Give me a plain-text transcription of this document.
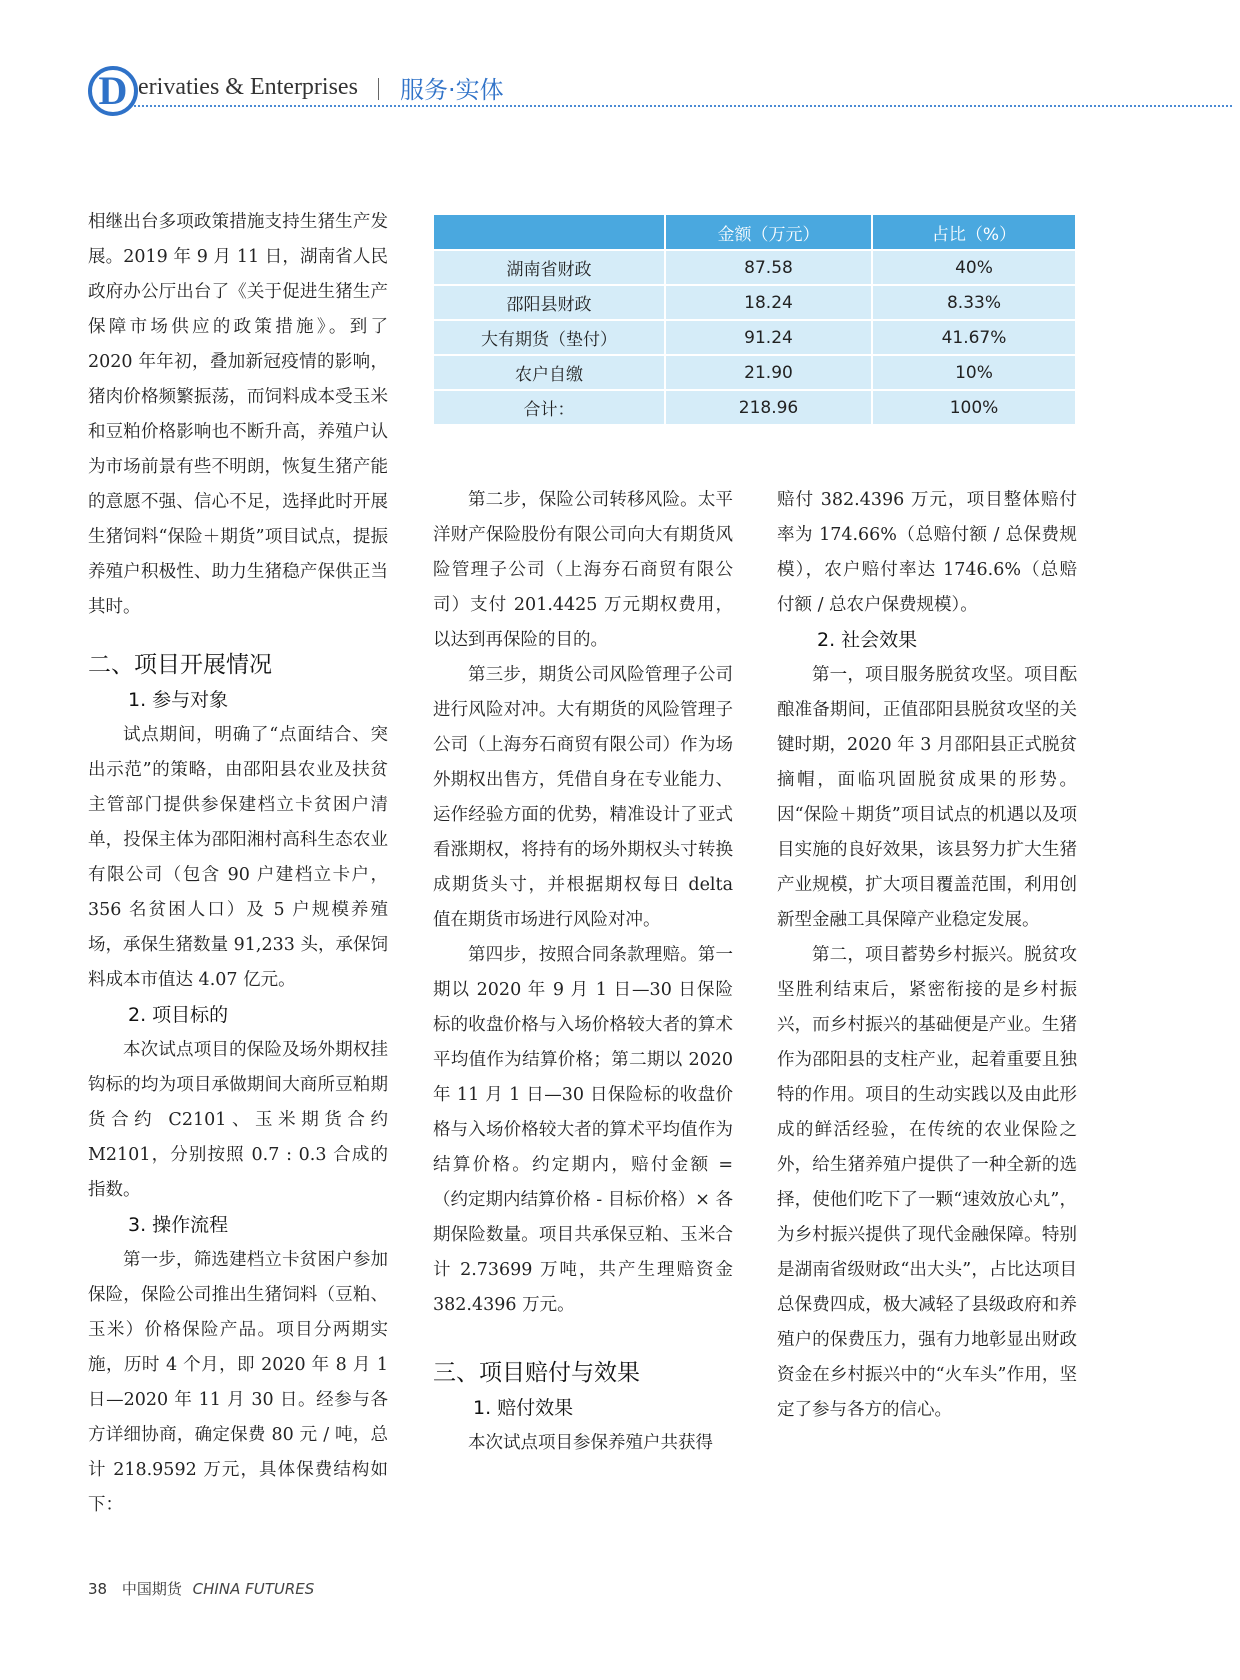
D erivaties & Enterprises 服务·实体

相继出台多项政策措施支持生猪生产发展。2019 年 9 月 11 日，湖南省人民政府办公厅出台了《关于促进生猪生产保障市场供应的政策措施》。到了 2020 年年初，叠加新冠疫情的影响，猪肉价格频繁振荡，而饲料成本受玉米和豆粕价格影响也不断升高，养殖户认为市场前景有些不明朗，恢复生猪产能的意愿不强、信心不足，选择此时开展生猪饲料“保险＋期货”项目试点，提振养殖户积极性、助力生猪稳产保供正当其时。

二、项目开展情况

1. 参与对象

试点期间，明确了“点面结合、突出示范”的策略，由邵阳县农业及扶贫主管部门提供参保建档立卡贫困户清单，投保主体为邵阳湘村高科生态农业有限公司（包含 90 户建档立卡户，356 名贫困人口）及 5 户规模养殖场，承保生猪数量 91,233 头，承保饲料成本市值达 4.07 亿元。

2. 项目标的

本次试点项目的保险及场外期权挂钩标的均为项目承做期间大商所豆粕期货合约 C2101、玉米期货合约 M2101，分别按照 0.7 : 0.3 合成的指数。

3. 操作流程

第一步，筛选建档立卡贫困户参加保险，保险公司推出生猪饲料（豆粕、玉米）价格保险产品。项目分两期实施，历时 4 个月，即 2020 年 8 月 1 日—2020 年 11 月 30 日。经参与各方详细协商，确定保费 80 元 / 吨，总计 218.9592 万元，具体保费结构如下：

	金额（万元）	占比（%）
湖南省财政	87.58	40%
邵阳县财政	18.24	8.33%
大有期货（垫付）	91.24	41.67%
农户自缴	21.90	10%
合计：	218.96	100%

第二步，保险公司转移风险。太平洋财产保险股份有限公司向大有期货风险管理子公司（上海夯石商贸有限公司）支付 201.4425 万元期权费用，以达到再保险的目的。

第三步，期货公司风险管理子公司进行风险对冲。大有期货的风险管理子公司（上海夯石商贸有限公司）作为场外期权出售方，凭借自身在专业能力、运作经验方面的优势，精准设计了亚式看涨期权，将持有的场外期权头寸转换成期货头寸，并根据期权每日 delta 值在期货市场进行风险对冲。

第四步，按照合同条款理赔。第一期以 2020 年 9 月 1 日—30 日保险标的收盘价格与入场价格较大者的算术平均值作为结算价格；第二期以 2020 年 11 月 1 日—30 日保险标的收盘价格与入场价格较大者的算术平均值作为结算价格。约定期内，赔付金额 =（约定期内结算价格 - 目标价格）× 各期保险数量。项目共承保豆粕、玉米合计 2.73699 万吨，共产生理赔资金 382.4396 万元。

三、项目赔付与效果

1. 赔付效果

本次试点项目参保养殖户共获得

赔付 382.4396 万元，项目整体赔付率为 174.66%（总赔付额 / 总保费规模），农户赔付率达 1746.6%（总赔付额 / 总农户保费规模）。

2. 社会效果

第一，项目服务脱贫攻坚。项目酝酿准备期间，正值邵阳县脱贫攻坚的关键时期，2020 年 3 月邵阳县正式脱贫摘帽，面临巩固脱贫成果的形势。因“保险＋期货”项目试点的机遇以及项目实施的良好效果，该县努力扩大生猪产业规模，扩大项目覆盖范围，利用创新型金融工具保障产业稳定发展。

第二，项目蓄势乡村振兴。脱贫攻坚胜利结束后，紧密衔接的是乡村振兴，而乡村振兴的基础便是产业。生猪作为邵阳县的支柱产业，起着重要且独特的作用。项目的生动实践以及由此形成的鲜活经验，在传统的农业保险之外，给生猪养殖户提供了一种全新的选择，使他们吃下了一颗“速效放心丸”，为乡村振兴提供了现代金融保障。特别是湖南省级财政“出大头”，占比达项目总保费四成，极大减轻了县级政府和养殖户的保费压力，强有力地彰显出财政资金在乡村振兴中的“火车头”作用，坚定了参与各方的信心。

38 中国期货 CHINA FUTURES
